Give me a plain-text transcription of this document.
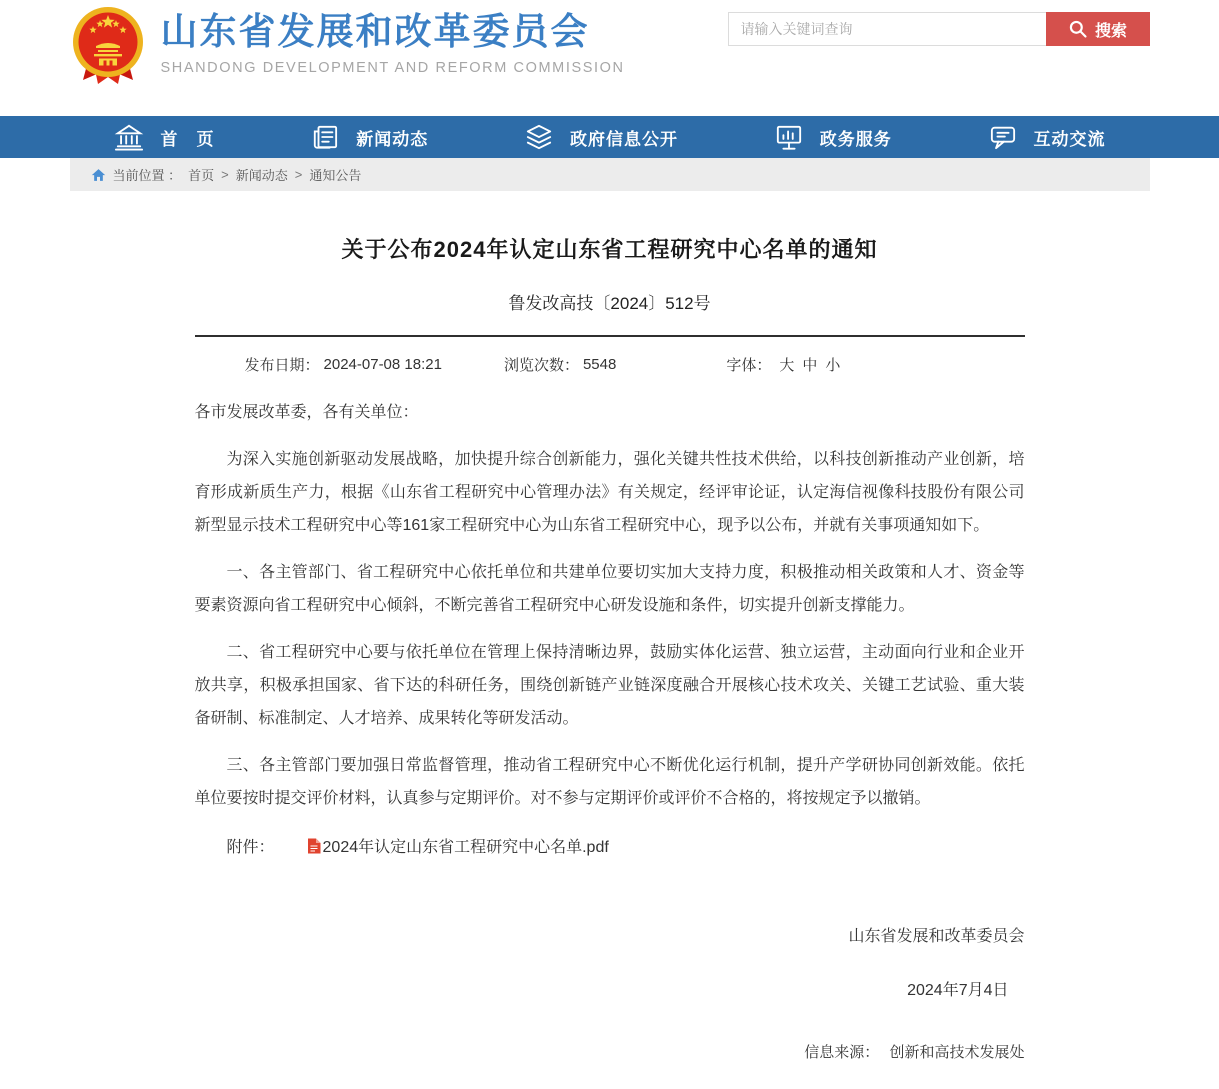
山东省发展和改革委员会
SHANDONG DEVELOPMENT AND REFORM COMMISSION
请输入关键词查询
搜索
首　页	新闻动态	政府信息公开	政务服务	互动交流
当前位置 ： 首页 > 新闻动态 > 通知公告
关于公布2024年认定山东省工程研究中心名单的通知
鲁发改高技〔2024〕512号
发布日期： 2024-07-08 18:21	浏览次数： 5548	字体： 大 中 小

各市发展改革委，各有关单位：

为深入实施创新驱动发展战略，加快提升综合创新能力，强化关键共性技术供给，以科技创新推动产业创新，培育形成新质生产力，根据《山东省工程研究中心管理办法》有关规定，经评审论证，认定海信视像科技股份有限公司新型显示技术工程研究中心等161家工程研究中心为山东省工程研究中心，现予以公布，并就有关事项通知如下。

一、各主管部门、省工程研究中心依托单位和共建单位要切实加大支持力度，积极推动相关政策和人才、资金等要素资源向省工程研究中心倾斜，不断完善省工程研究中心研发设施和条件，切实提升创新支撑能力。

二、省工程研究中心要与依托单位在管理上保持清晰边界，鼓励实体化运营、独立运营，主动面向行业和企业开放共享，积极承担国家、省下达的科研任务，围绕创新链产业链深度融合开展核心技术攻关、关键工艺试验、重大装备研制、标准制定、人才培养、成果转化等研发活动。

三、各主管部门要加强日常监督管理，推动省工程研究中心不断优化运行机制，提升产学研协同创新效能。依托单位要按时提交评价材料，认真参与定期评价。对不参与定期评价或评价不合格的，将按规定予以撤销。

附件：	2024年认定山东省工程研究中心名单.pdf

山东省发展和改革委员会
2024年7月4日
信息来源： 创新和高技术发展处
